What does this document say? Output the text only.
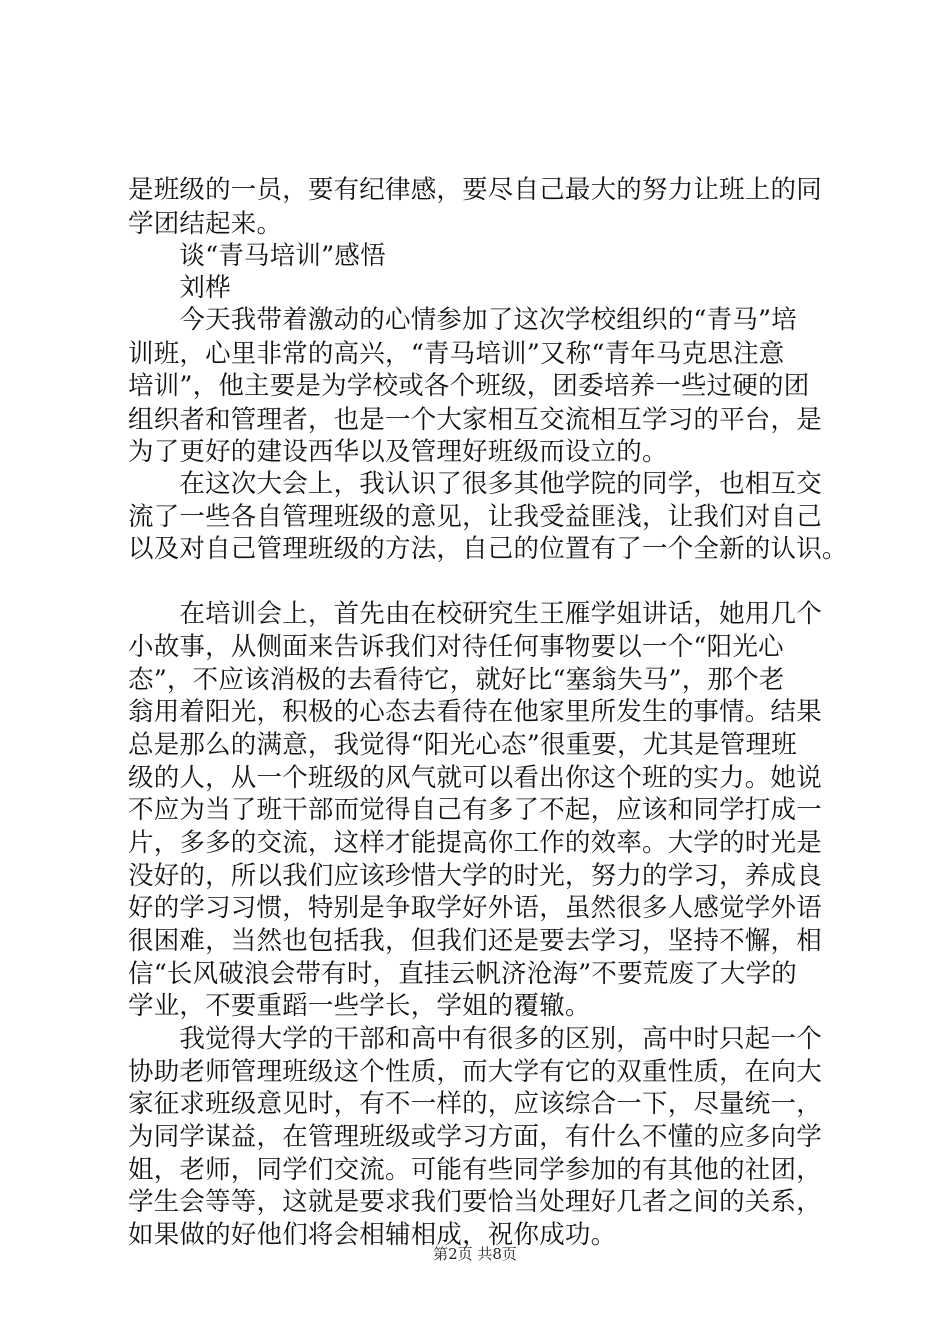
是班级的一员，要有纪律感，要尽自己最大的努力让班上的同

学团结起来。

　　谈“青马培训”感悟

　　刘桦

　　今天我带着激动的心情参加了这次学校组织的“青马”培

训班，心里非常的高兴，“青马培训”又称“青年马克思注意

培训”，他主要是为学校或各个班级，团委培养一些过硬的团

组织者和管理者，也是一个大家相互交流相互学习的平台，是

为了更好的建设西华以及管理好班级而设立的。

　　在这次大会上，我认识了很多其他学院的同学，也相互交

流了一些各自管理班级的意见，让我受益匪浅，让我们对自己

以及对自己管理班级的方法，自己的位置有了一个全新的认识。

　　在培训会上，首先由在校研究生王雁学姐讲话，她用几个

小故事，从侧面来告诉我们对待任何事物要以一个“阳光心

态”，不应该消极的去看待它，就好比“塞翁失马”，那个老

翁用着阳光，积极的心态去看待在他家里所发生的事情。结果

总是那么的满意，我觉得“阳光心态”很重要，尤其是管理班

级的人，从一个班级的风气就可以看出你这个班的实力。她说

不应为当了班干部而觉得自己有多了不起，应该和同学打成一

片，多多的交流，这样才能提高你工作的效率。大学的时光是

没好的，所以我们应该珍惜大学的时光，努力的学习，养成良

好的学习习惯，特别是争取学好外语，虽然很多人感觉学外语

很困难，当然也包括我，但我们还是要去学习，坚持不懈，相

信“长风破浪会带有时，直挂云帆济沧海”不要荒废了大学的

学业，不要重蹈一些学长，学姐的覆辙。

　　我觉得大学的干部和高中有很多的区别，高中时只起一个

协助老师管理班级这个性质，而大学有它的双重性质，在向大

家征求班级意见时，有不一样的，应该综合一下，尽量统一，

为同学谋益，在管理班级或学习方面，有什么不懂的应多向学

姐，老师，同学们交流。可能有些同学参加的有其他的社团，

学生会等等，这就是要求我们要恰当处理好几者之间的关系，

如果做的好他们将会相辅相成，祝你成功。

第2页 共8页
